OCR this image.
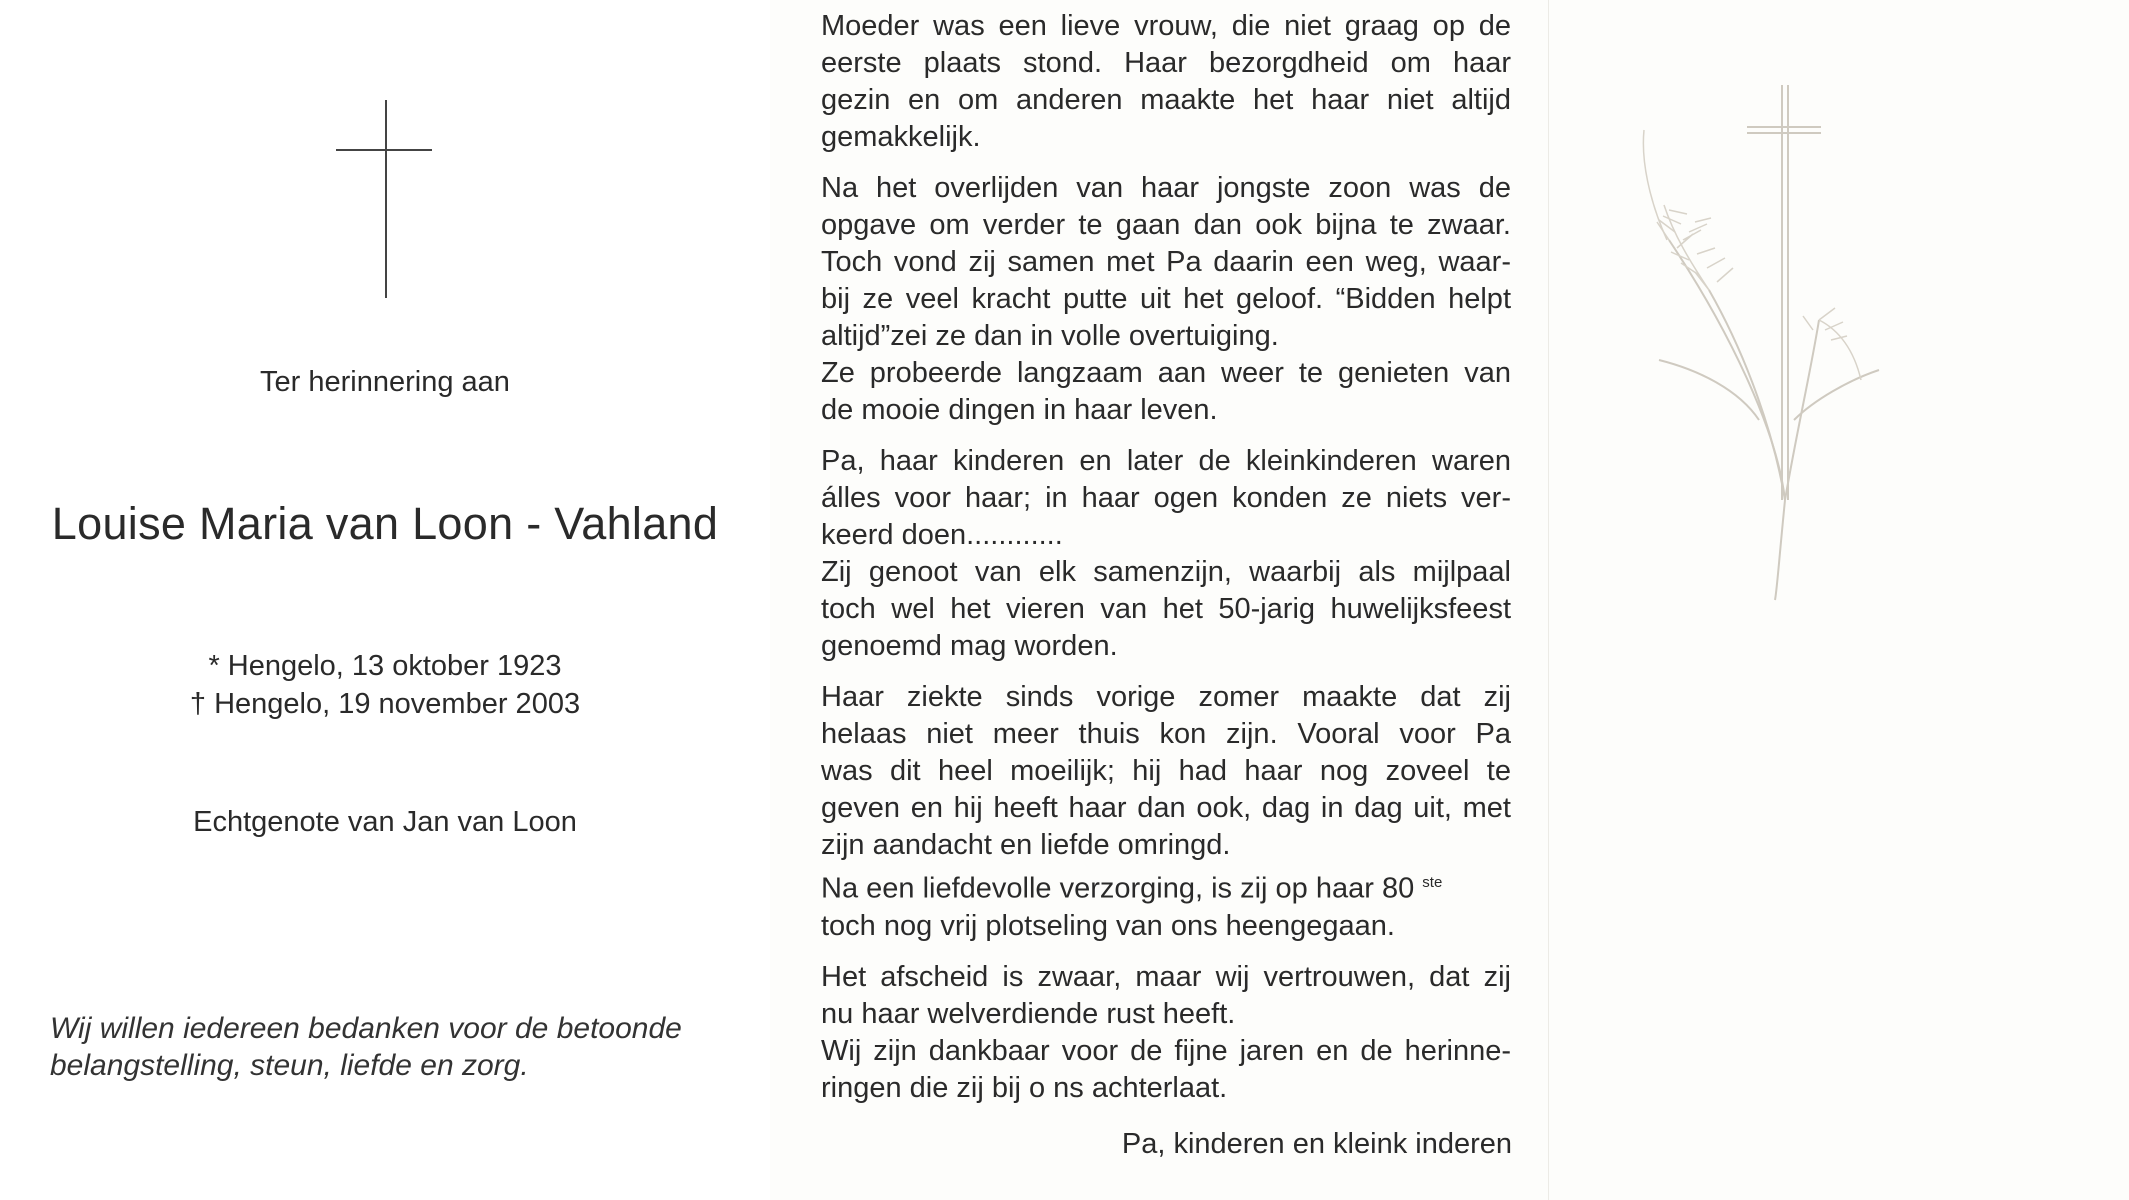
Ter herinnering aan
Louise Maria van Loon - Vahland
* Hengelo, 13 oktober 1923
† Hengelo, 19 november 2003
Echtgenote van Jan van Loon
Wij willen iedereen bedanken voor de betoonde
belangstelling, steun, liefde en zorg.
Moeder was een lieve vrouw, die niet graag op de
eerste plaats stond. Haar bezorgdheid om haar
gezin en om anderen maakte het haar niet altijd
gemakkelijk.
Na het overlijden van haar jongste zoon was de
opgave om verder te gaan dan ook bijna te zwaar.
Toch vond zij samen met Pa daarin een weg, waar-
bij ze veel kracht putte uit het geloof. “Bidden helpt
altijd”zei ze dan in volle overtuiging.
Ze probeerde langzaam aan weer te genieten van
de mooie dingen in haar leven.
Pa, haar kinderen en later de kleinkinderen waren
álles voor haar; in haar ogen konden ze niets ver-
keerd doen............
Zij genoot van elk samenzijn, waarbij als mijlpaal
toch wel het vieren van het 50-jarig huwelijksfeest
genoemd mag worden.
Haar ziekte sinds vorige zomer maakte dat zij
helaas niet meer thuis kon zijn. Vooral voor Pa
was dit heel moeilijk; hij had haar nog zoveel te
geven en hij heeft haar dan ook, dag in dag uit, met
zijn aandacht en liefde omringd.
Na een liefdevolle verzorging, is zij op haar 80 $^{ste}$
toch nog vrij plotseling van ons heengegaan.
Het afscheid is zwaar, maar wij vertrouwen, dat zij
nu haar welverdiende rust heeft.
Wij zijn dankbaar voor de fijne jaren en de herinne-
ringen die zij bij o ns achterlaat.
Pa, kinderen en kleink inderen
